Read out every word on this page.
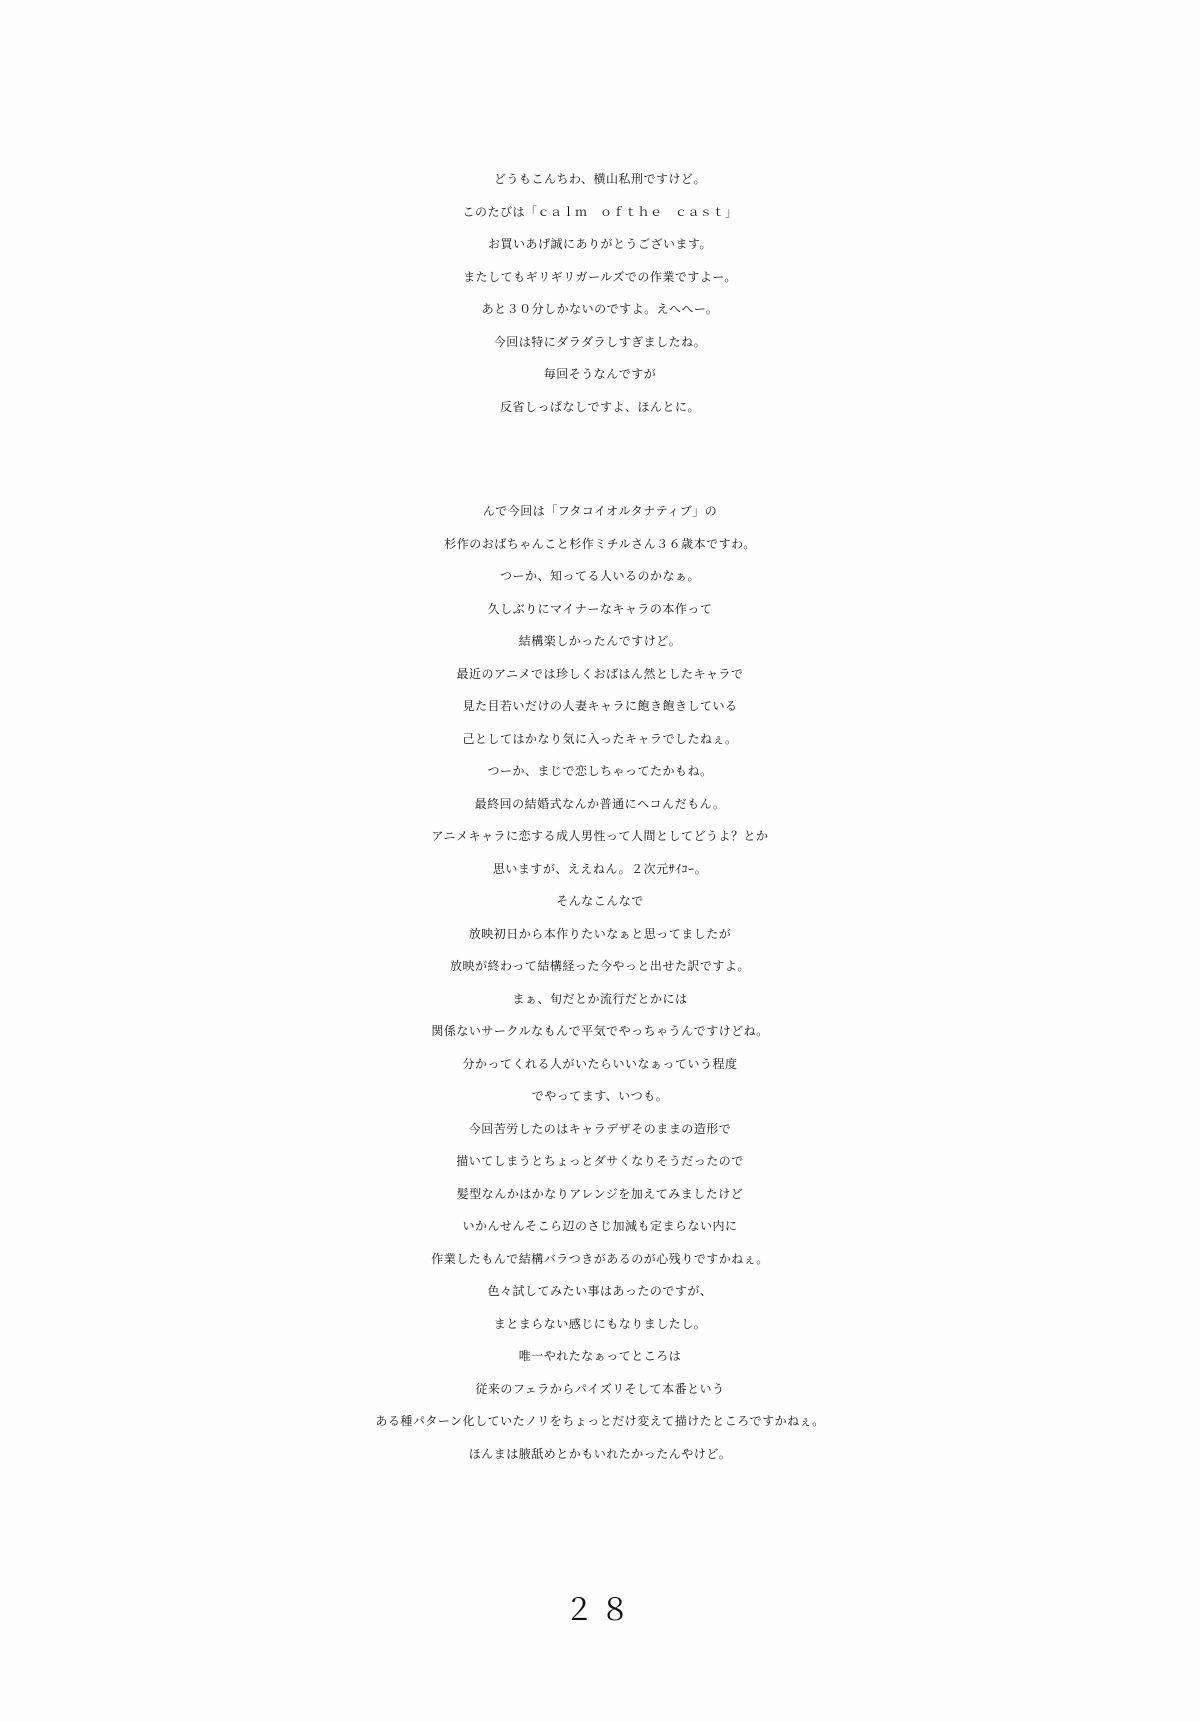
どうもこんちわ、横山私刑ですけど。
このたびは「ｃａｌｍ　ｏｆｔｈｅ　ｃａｓｔ」
お買いあげ誠にありがとうございます。
またしてもギリギリガールズでの作業ですよー。
あと３０分しかないのですよ。えへへー。
今回は特にダラダラしすぎましたね。
毎回そうなんですが
反省しっぱなしですよ、ほんとに。
んで今回は「フタコイオルタナティブ」の
杉作のおばちゃんこと杉作ミチルさん３６歳本ですわ。
つーか、知ってる人いるのかなぁ。
久しぶりにマイナーなキャラの本作って
結構楽しかったんですけど。
最近のアニメでは珍しくおばはん然としたキャラで
見た目若いだけの人妻キャラに飽き飽きしている
己としてはかなり気に入ったキャラでしたねぇ。
つーか、まじで恋しちゃってたかもね。
最終回の結婚式なんか普通にヘコんだもん。
アニメキャラに恋する成人男性って人間としてどうよ？とか
思いますが、ええねん。２次元ｻｲｺｰ。
そんなこんなで
放映初日から本作りたいなぁと思ってましたが
放映が終わって結構経った今やっと出せた訳ですよ。
まぁ、旬だとか流行だとかには
関係ないサークルなもんで平気でやっちゃうんですけどね。
分かってくれる人がいたらいいなぁっていう程度
でやってます、いつも。
今回苦労したのはキャラデザそのままの造形で
描いてしまうとちょっとダサくなりそうだったので
髪型なんかはかなりアレンジを加えてみましたけど
いかんせんそこら辺のさじ加減も定まらない内に
作業したもんで結構バラつきがあるのが心残りですかねぇ。
色々試してみたい事はあったのですが、
まとまらない感じにもなりましたし。
唯一やれたなぁってところは
従来のフェラからパイズリそして本番という
ある種パターン化していたノリをちょっとだけ変えて描けたところですかねぇ。
ほんまは腋舐めとかもいれたかったんやけど。
２８
